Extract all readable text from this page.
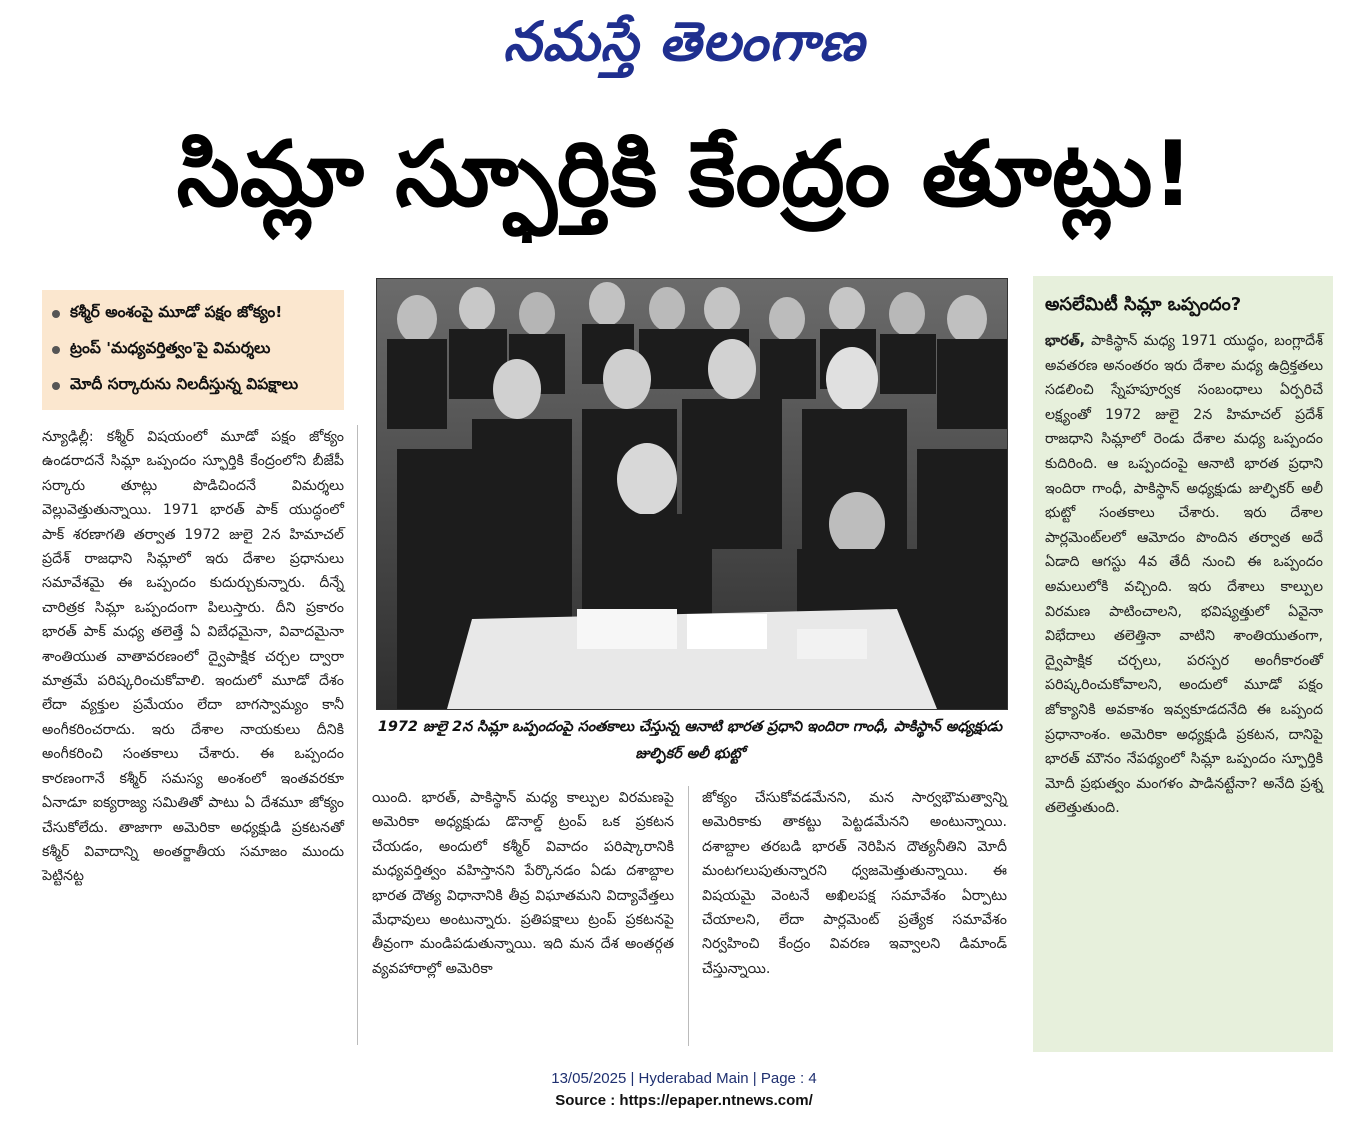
నమస్తే తెలంగాణ
సిమ్లా స్ఫూర్తికి కేంద్రం తూట్లు!
కశ్మీర్ అంశంపై మూడో పక్షం జోక్యం!
ట్రంప్ 'మధ్యవర్తిత్వం'పై విమర్శలు
మోదీ సర్కారును నిలదీస్తున్న విపక్షాలు
న్యూఢిల్లీ: కశ్మీర్ విషయంలో మూడో పక్షం జోక్యం ఉండరాదనే సిమ్లా ఒప్పందం స్ఫూర్తికి కేంద్రంలోని బీజేపీ సర్కారు తూట్లు పొడిచిందనే విమర్శలు వెల్లువెత్తుతున్నాయి. 1971 భారత్ పాక్ యుద్ధంలో పాక్ శరణాగతి తర్వాత 1972 జులై 2న హిమాచల్ ప్రదేశ్ రాజధాని సిమ్లాలో ఇరు దేశాల ప్రధానులు సమావేశమై ఈ ఒప్పందం కుదుర్చుకున్నారు. దీన్నే చారిత్రక సిమ్లా ఒప్పందంగా పిలుస్తారు. దీని ప్రకారం భారత్ పాక్ మధ్య తలెత్తే ఏ విబేధమైనా, వివాదమైనా శాంతియుత వాతావరణంలో ద్వైపాక్షిక చర్చల ద్వారా మాత్రమే పరిష్కరించుకోవాలి. ఇందులో మూడో దేశం లేదా వ్యక్తుల ప్రమేయం లేదా బాగస్వామ్యం కానీ అంగీకరించరాదు. ఇరు దేశాల నాయకులు దీనికి అంగీకరించి సంతకాలు చేశారు. ఈ ఒప్పందం కారణంగానే కశ్మీర్ సమస్య అంశంలో ఇంతవరకూ ఏనాడూ ఐక్యరాజ్య సమితితో పాటు ఏ దేశమూ జోక్యం చేసుకోలేదు. తాజాగా అమెరికా అధ్యక్షుడి ప్రకటనతో కశ్మీర్ వివాదాన్ని అంతర్జాతీయ సమాజం ముందు పెట్టినట్ట
1972 జులై 2న సిమ్లా ఒప్పందంపై సంతకాలు చేస్తున్న ఆనాటి భారత ప్రధాని ఇందిరా గాంధీ, పాకిస్థాన్ అధ్యక్షుడు జుల్ఫికర్ అలీ భుట్టో
యింది. భారత్, పాకిస్థాన్ మధ్య కాల్పుల విరమణపై అమెరికా అధ్యక్షుడు డొనాల్డ్ ట్రంప్ ఒక ప్రకటన చేయడం, అందులో కశ్మీర్ వివాదం పరిష్కారానికి మధ్యవర్తిత్వం వహిస్తానని పేర్కొనడం ఏడు దశాబ్దాల భారత దౌత్య విధానానికి తీవ్ర విఘాతమని విద్యావేత్తలు మేధావులు అంటున్నారు. ప్రతిపక్షాలు ట్రంప్ ప్రకటనపై తీవ్రంగా మండిపడుతున్నాయి. ఇది మన దేశ అంతర్గత వ్యవహారాల్లో అమెరికా
జోక్యం చేసుకోవడమేనని, మన సార్వభౌమత్వాన్ని అమెరికాకు తాకట్టు పెట్టడమేనని అంటున్నాయి. దశాబ్దాల తరబడి భారత్ నెరిపిన దౌత్యనీతిని మోదీ మంటగలుపుతున్నారని ధ్వజమెత్తుతున్నాయి. ఈ విషయమై వెంటనే అఖిలపక్ష సమావేశం ఏర్పాటు చేయాలని, లేదా పార్లమెంట్ ప్రత్యేక సమావేశం నిర్వహించి కేంద్రం వివరణ ఇవ్వాలని డిమాండ్ చేస్తున్నాయి.
అసలేమిటీ సిమ్లా ఒప్పందం?
భారత్, పాకిస్థాన్ మధ్య 1971 యుద్ధం, బంగ్లాదేశ్ అవతరణ అనంతరం ఇరు దేశాల మధ్య ఉద్రిక్తతలు సడలించి స్నేహపూర్వక సంబంధాలు ఏర్పరిచే లక్ష్యంతో 1972 జులై 2న హిమాచల్ ప్రదేశ్ రాజధాని సిమ్లాలో రెండు దేశాల మధ్య ఒప్పందం కుదిరింది. ఆ ఒప్పందంపై ఆనాటి భారత ప్రధాని ఇందిరా గాంధీ, పాకిస్థాన్ అధ్యక్షుడు జుల్ఫికర్ అలీ భుట్టో సంతకాలు చేశారు. ఇరు దేశాల పార్లమెంట్‌లలో ఆమోదం పొందిన తర్వాత అదే ఏడాది ఆగస్టు 4వ తేదీ నుంచి ఈ ఒప్పందం అమలులోకి వచ్చింది. ఇరు దేశాలు కాల్పుల విరమణ పాటించాలని, భవిష్యత్తులో ఏవైనా విభేదాలు తలెత్తినా వాటిని శాంతియుతంగా, ద్వైపాక్షిక చర్చలు, పరస్పర అంగీకారంతో పరిష్కరించుకోవాలని, అందులో మూడో పక్షం జోక్యానికి అవకాశం ఇవ్వకూడదనేది ఈ ఒప్పంద ప్రధానాంశం. అమెరికా అధ్యక్షుడి ప్రకటన, దానిపై భారత్ మౌనం నేపథ్యంలో సిమ్లా ఒప్పందం స్ఫూర్తికి మోదీ ప్రభుత్వం మంగళం పాడినట్టేనా? అనేది ప్రశ్న తలెత్తుతుంది.
13/05/2025 | Hyderabad Main | Page : 4
Source : https://epaper.ntnews.com/
